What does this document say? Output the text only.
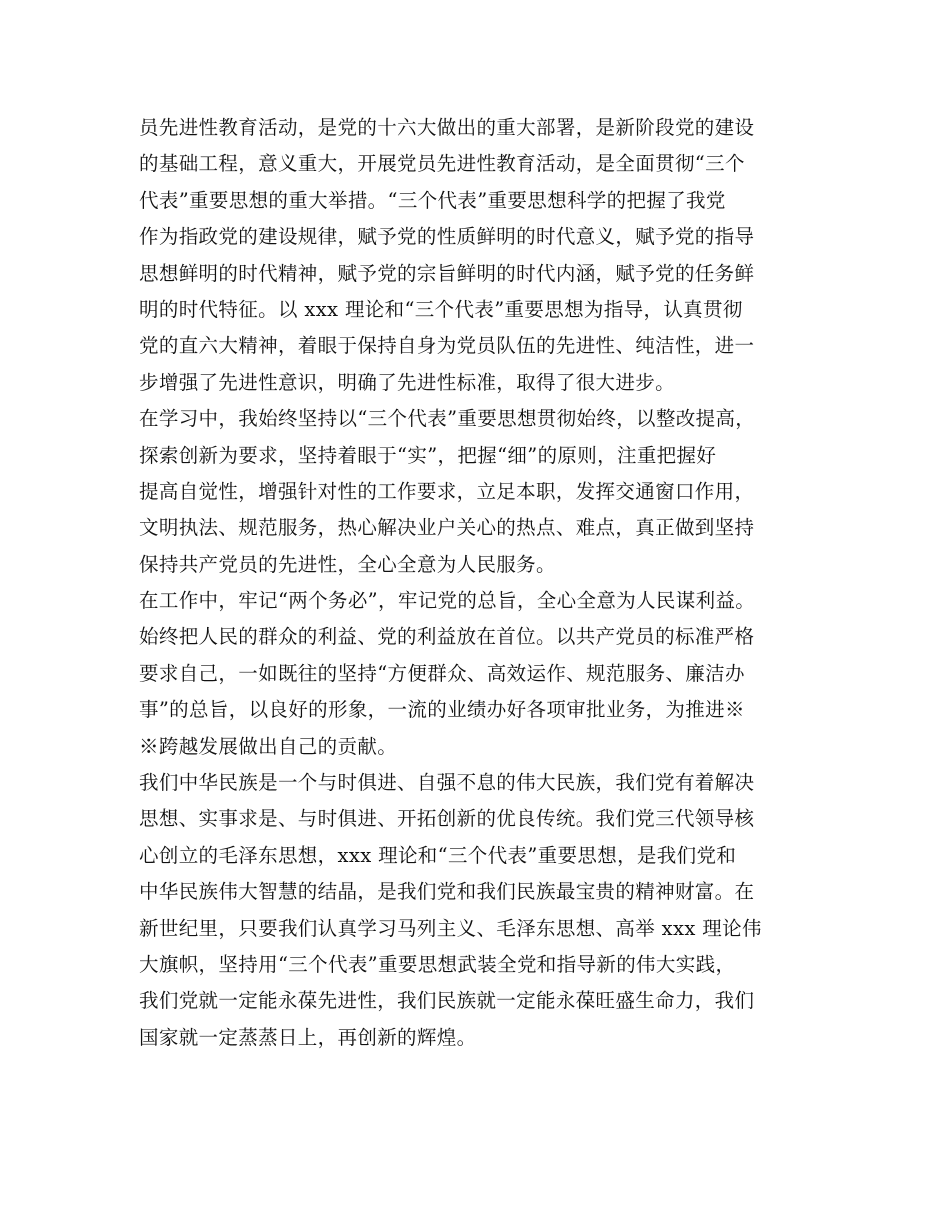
员先进性教育活动，是党的十六大做出的重大部署，是新阶段党的建设
的基础工程，意义重大，开展党员先进性教育活动，是全面贯彻“三个
代表”重要思想的重大举措。“三个代表”重要思想科学的把握了我党
作为指政党的建设规律，赋予党的性质鲜明的时代意义，赋予党的指导
思想鲜明的时代精神，赋予党的宗旨鲜明的时代内涵，赋予党的任务鲜
明的时代特征。以 xxx 理论和“三个代表”重要思想为指导，认真贯彻
党的直六大精神，着眼于保持自身为党员队伍的先进性、纯洁性，进一
步增强了先进性意识，明确了先进性标准，取得了很大进步。
在学习中，我始终坚持以“三个代表”重要思想贯彻始终，以整改提高，
探索创新为要求，坚持着眼于“实”，把握“细”的原则，注重把握好
提高自觉性，增强针对性的工作要求，立足本职，发挥交通窗口作用，
文明执法、规范服务，热心解决业户关心的热点、难点，真正做到坚持
保持共产党员的先进性，全心全意为人民服务。
在工作中，牢记“两个务必”，牢记党的总旨，全心全意为人民谋利益。
始终把人民的群众的利益、党的利益放在首位。以共产党员的标准严格
要求自己，一如既往的坚持“方便群众、高效运作、规范服务、廉洁办
事”的总旨，以良好的形象，一流的业绩办好各项审批业务，为推进※
※跨越发展做出自己的贡献。
我们中华民族是一个与时俱进、自强不息的伟大民族，我们党有着解决
思想、实事求是、与时俱进、开拓创新的优良传统。我们党三代领导核
心创立的毛泽东思想，xxx 理论和“三个代表”重要思想，是我们党和
中华民族伟大智慧的结晶，是我们党和我们民族最宝贵的精神财富。在
新世纪里，只要我们认真学习马列主义、毛泽东思想、高举 xxx 理论伟
大旗帜，坚持用“三个代表”重要思想武装全党和指导新的伟大实践，
我们党就一定能永葆先进性，我们民族就一定能永葆旺盛生命力，我们
国家就一定蒸蒸日上，再创新的辉煌。
